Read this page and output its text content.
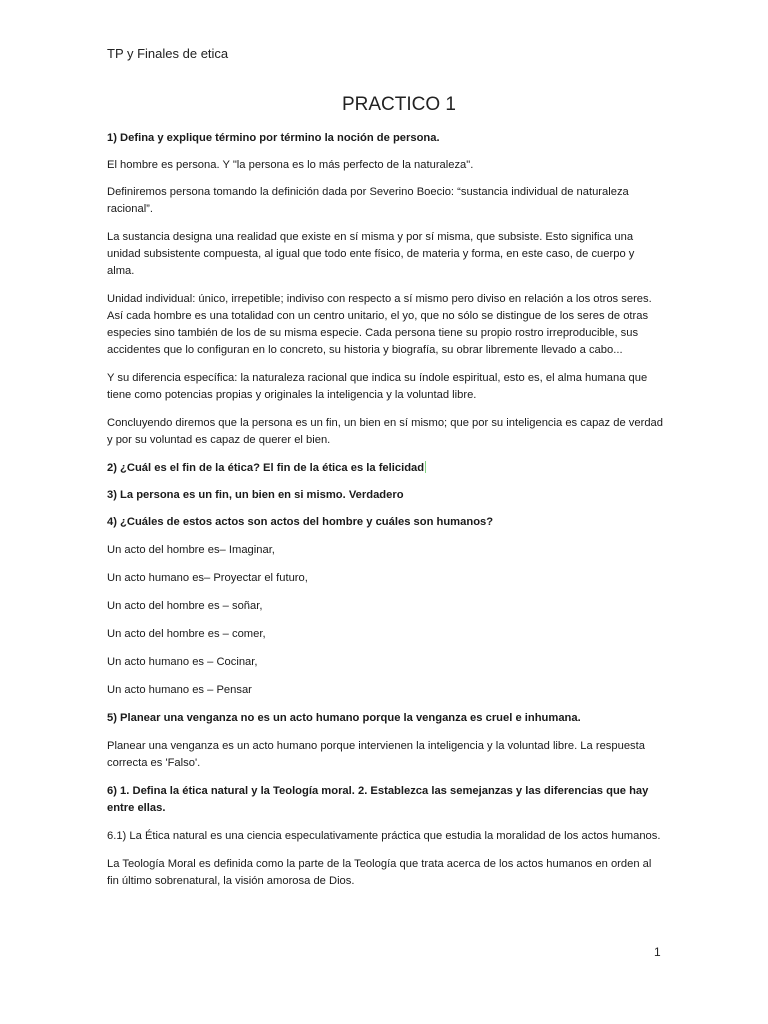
TP y Finales de etica
PRACTICO 1

1) Defina y explique término por término la noción de persona.

El hombre es persona. Y "la persona es lo más perfecto de la naturaleza".

Definiremos persona tomando la definición dada por Severino Boecio: “sustancia individual de naturaleza racional”.

La sustancia designa una realidad que existe en sí misma y por sí misma, que subsiste. Esto significa una unidad subsistente compuesta, al igual que todo ente físico, de materia y forma, en este caso, de cuerpo y alma.

Unidad individual: único, irrepetible; indiviso con respecto a sí mismo pero diviso en relación a los otros seres. Así cada hombre es una totalidad con un centro unitario, el yo, que no sólo se distingue de los seres de otras especies sino también de los de su misma especie. Cada persona tiene su propio rostro irreproducible, sus accidentes que lo configuran en lo concreto, su historia y biografía, su obrar libremente llevado a cabo...

Y su diferencia específica: la naturaleza racional que indica su índole espiritual, esto es, el alma humana que tiene como potencias propias y originales la inteligencia y la voluntad libre.

Concluyendo diremos que la persona es un fin, un bien en sí mismo; que por su inteligencia es capaz de verdad y por su voluntad es capaz de querer el bien.

2) ¿Cuál es el fin de la ética? El fin de la ética es la felicidad

3) La persona es un fin, un bien en si mismo. Verdadero

4) ¿Cuáles de estos actos son actos del hombre y cuáles son humanos?

Un acto del hombre es– Imaginar,

Un acto humano es– Proyectar el futuro,

Un acto del hombre es – soñar,

Un acto del hombre es – comer,

Un acto humano es – Cocinar,

Un acto humano es – Pensar

5) Planear una venganza no es un acto humano porque la venganza es cruel e inhumana.

Planear una venganza es un acto humano porque intervienen la inteligencia y la voluntad libre. La respuesta correcta es 'Falso'.

6) 1. Defina la ética natural y la Teología moral. 2. Establezca las semejanzas y las diferencias que hay entre ellas.

6.1) La Ética natural es una ciencia especulativamente práctica que estudia la moralidad de los actos humanos.

La Teología Moral es definida como la parte de la Teología que trata acerca de los actos humanos en orden al fin último sobrenatural, la visión amorosa de Dios.

1
